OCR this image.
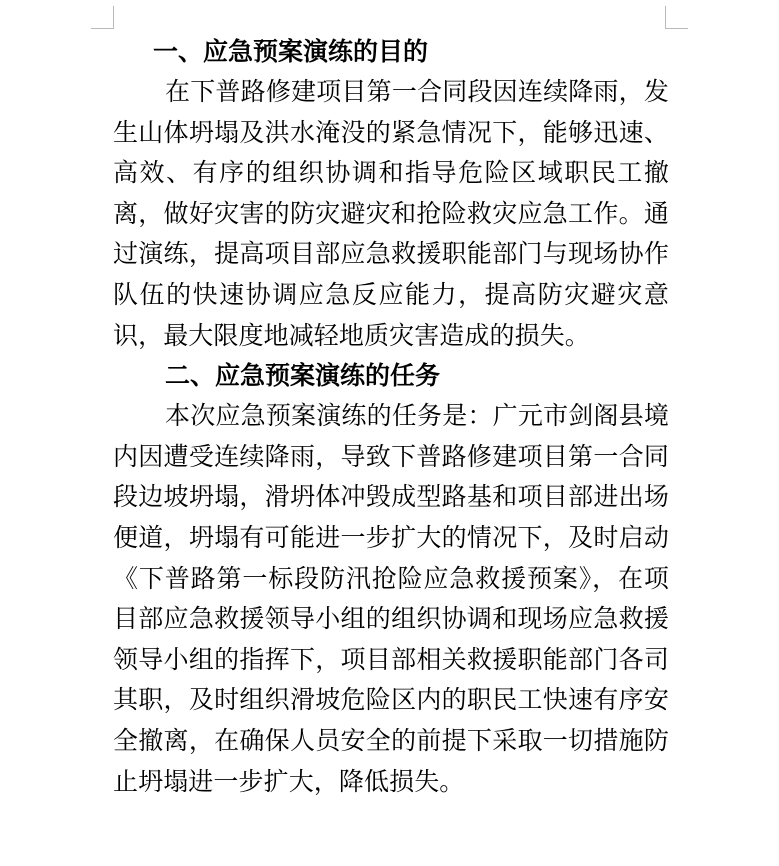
一、应急预案演练的目的

在下普路修建项目第一合同段因连续降雨，发生山体坍塌及洪水淹没的紧急情况下，能够迅速、高效、有序的组织协调和指导危险区域职民工撤离，做好灾害的防灾避灾和抢险救灾应急工作。通过演练，提高项目部应急救援职能部门与现场协作队伍的快速协调应急反应能力，提高防灾避灾意识，最大限度地减轻地质灾害造成的损失。

二、应急预案演练的任务

本次应急预案演练的任务是：广元市剑阁县境内因遭受连续降雨，导致下普路修建项目第一合同段边坡坍塌，滑坍体冲毁成型路基和项目部进出场便道，坍塌有可能进一步扩大的情况下，及时启动《下普路第一标段防汛抢险应急救援预案》，在项目部应急救援领导小组的组织协调和现场应急救援领导小组的指挥下，项目部相关救援职能部门各司其职，及时组织滑坡危险区内的职民工快速有序安全撤离，在确保人员安全的前提下采取一切措施防止坍塌进一步扩大，降低损失。
